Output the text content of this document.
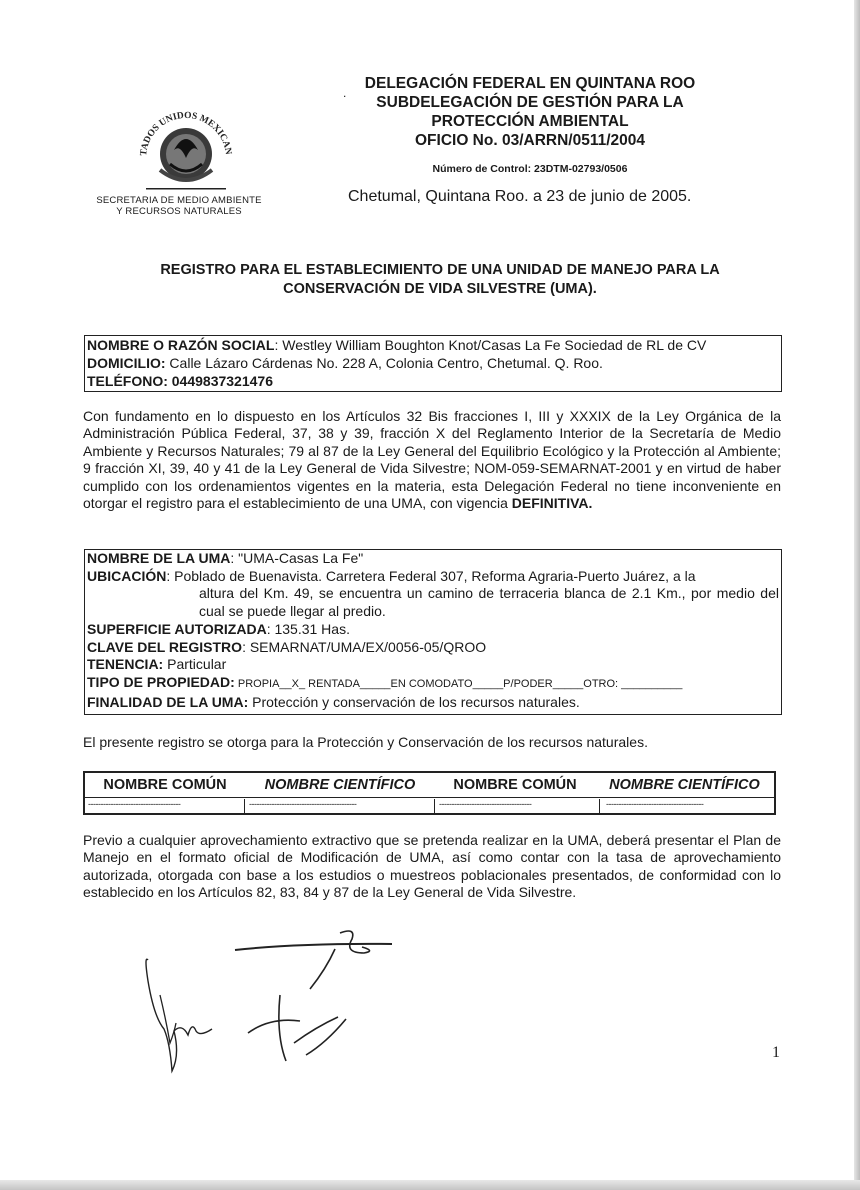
TADOS UNIDOS MEXICAN
SECRETARIA DE MEDIO AMBIENTE
Y RECURSOS NATURALES
.
DELEGACIÓN FEDERAL EN QUINTANA ROO
SUBDELEGACIÓN DE GESTIÓN PARA LA
PROTECCIÓN AMBIENTAL
OFICIO No. 03/ARRN/0511/2004
Número de Control: 23DTM-02793/0506
Chetumal, Quintana Roo. a 23 de junio de 2005.
REGISTRO PARA EL ESTABLECIMIENTO DE UNA UNIDAD DE MANEJO PARA LA
CONSERVACIÓN DE VIDA SILVESTRE (UMA).
NOMBRE O RAZÓN SOCIAL: Westley William Boughton Knot/Casas La Fe Sociedad de RL de CV
DOMICILIO: Calle Lázaro Cárdenas No. 228 A, Colonia Centro, Chetumal. Q. Roo.
TELÉFONO: 0449837321476
Con fundamento en lo dispuesto en los Artículos 32 Bis fracciones I, III y XXXIX de la Ley Orgánica de la Administración Pública Federal, 37, 38 y 39, fracción X del Reglamento Interior de la Secretaría de Medio Ambiente y Recursos Naturales; 79 al 87 de la Ley General del Equilibrio Ecológico y la Protección al Ambiente; 9 fracción XI, 39, 40 y 41 de la Ley General de Vida Silvestre; NOM-059-SEMARNAT-2001 y en virtud de haber cumplido con los ordenamientos vigentes en la materia, esta Delegación Federal no tiene inconveniente en otorgar el registro para el establecimiento de una UMA, con vigencia DEFINITIVA.
NOMBRE DE LA UMA: "UMA-Casas La Fe"
UBICACIÓN: Poblado de Buenavista. Carretera Federal 307, Reforma Agraria-Puerto Juárez, a la
altura del Km. 49, se encuentra un camino de terraceria blanca de 2.1 Km., por medio del cual se puede llegar al predio.
SUPERFICIE AUTORIZADA: 135.31 Has.
CLAVE DEL REGISTRO: SEMARNAT/UMA/EX/0056-05/QROO
TENENCIA: Particular
TIPO DE PROPIEDAD: PROPIA__X_ RENTADA_____EN COMODATO_____P/PODER_____OTRO: __________
FINALIDAD DE LA UMA: Protección y conservación de los recursos naturales.
El presente registro se otorga para la Protección y Conservación de los recursos naturales.
NOMBRE COMÚN	NOMBRE CIENTÍFICO	NOMBRE COMÚN	NOMBRE CIENTÍFICO
-------------------------------------	-------------------------------------------	-------------------------------------	---------------------------------------
Previo a cualquier aprovechamiento extractivo que se pretenda realizar en la UMA, deberá presentar el Plan de Manejo en el formato oficial de Modificación de UMA, así como contar con la tasa de aprovechamiento autorizada, otorgada con base a los estudios o muestreos poblacionales presentados, de conformidad con lo establecido en los Artículos 82, 83, 84 y 87 de la Ley General de Vida Silvestre.
1
